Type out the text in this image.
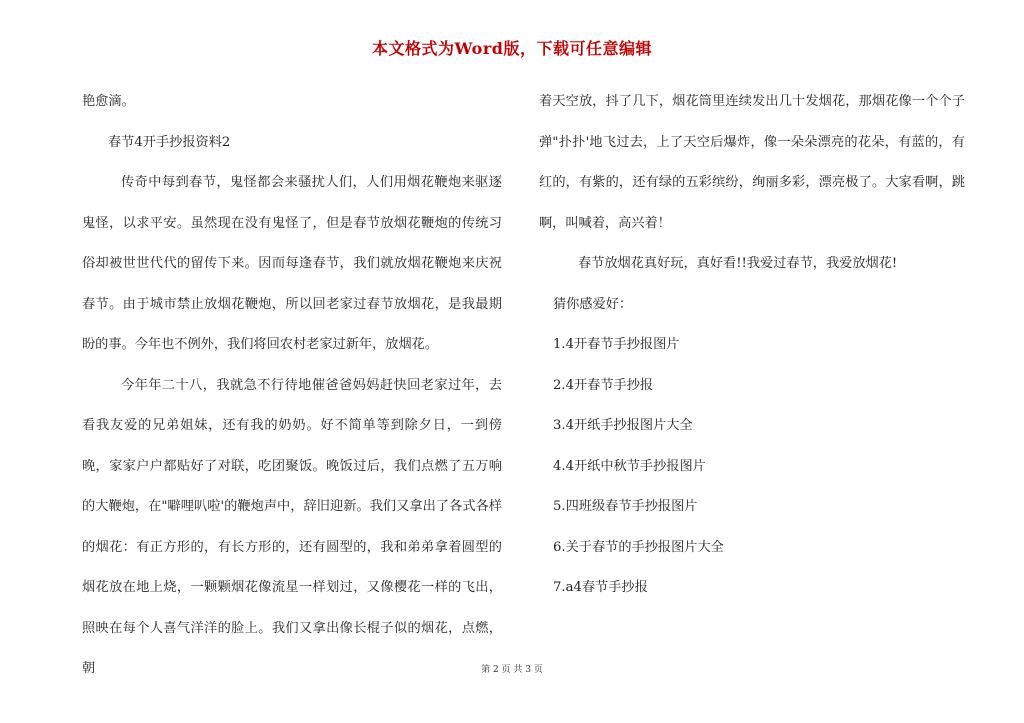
本文格式为Word版，下载可任意编辑

艳愈滴。

春节4开手抄报资料2

传奇中每到春节，鬼怪都会来骚扰人们，人们用烟花鞭炮来驱逐鬼怪，以求平安。虽然现在没有鬼怪了，但是春节放烟花鞭炮的传统习俗却被世世代代的留传下来。因而每逢春节，我们就放烟花鞭炮来庆祝春节。由于城市禁止放烟花鞭炮，所以回老家过春节放烟花，是我最期盼的事。今年也不例外，我们将回农村老家过新年，放烟花。

今年年二十八，我就急不行待地催爸爸妈妈赶快回老家过年，去看我友爱的兄弟姐妹，还有我的奶奶。好不简单等到除夕日，一到傍晚，家家户户都贴好了对联，吃团聚饭。晚饭过后，我们点燃了五万响的大鞭炮，在"噼哩叭啦'的鞭炮声中，辞旧迎新。我们又拿出了各式各样的烟花：有正方形的，有长方形的，还有圆型的，我和弟弟拿着圆型的烟花放在地上烧，一颗颗烟花像流星一样划过，又像樱花一样的飞出，照映在每个人喜气洋洋的脸上。我们又拿出像长棍子似的烟花，点燃，朝

着天空放，抖了几下，烟花筒里连续发出几十发烟花，那烟花像一个个子弹"扑扑'地飞过去，上了天空后爆炸，像一朵朵漂亮的花朵，有蓝的，有红的，有紫的，还有绿的五彩缤纷，绚丽多彩，漂亮极了。大家看啊，跳啊，叫喊着，高兴着！

春节放烟花真好玩，真好看!!我爱过春节，我爱放烟花!

猜你感爱好：

1.4开春节手抄报图片

2.4开春节手抄报

3.4开纸手抄报图片大全

4.4开纸中秋节手抄报图片

5.四班级春节手抄报图片

6.关于春节的手抄报图片大全

7.a4春节手抄报

第 2 页 共 3 页
